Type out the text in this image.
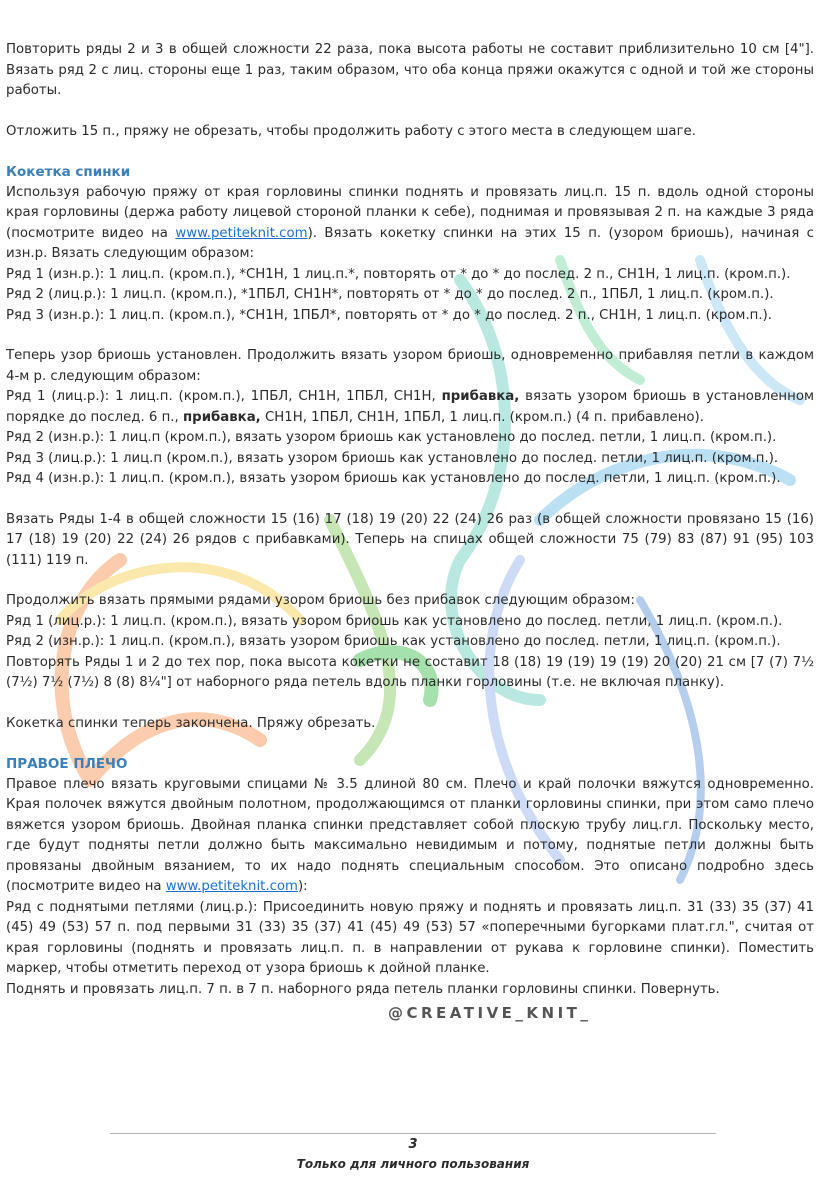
Повторить ряды 2 и 3 в общей сложности 22 раза, пока высота работы не составит приблизительно 10 см [4"]. Вязать ряд 2 с лиц. стороны еще 1 раз, таким образом, что оба конца пряжи окажутся с одной и той же стороны работы.

Отложить 15 п., пряжу не обрезать, чтобы продолжить работу с этого места в следующем шаге.

Кокетка спинки

Используя рабочую пряжу от края горловины спинки поднять и провязать лиц.п. 15 п. вдоль одной стороны края горловины (держа работу лицевой стороной планки к себе), поднимая и провязывая 2 п. на каждые 3 ряда (посмотрите видео на www.petiteknit.com). Вязать кокетку спинки на этих 15 п. (узором бриошь), начиная с изн.р. Вязать следующим образом:

Ряд 1 (изн.р.): 1 лиц.п. (кром.п.), *СН1Н, 1 лиц.п.*, повторять от * до * до послед. 2 п., СН1Н, 1 лиц.п. (кром.п.).

Ряд 2 (лиц.р.): 1 лиц.п. (кром.п.), *1ПБЛ, СН1Н*, повторять от * до * до послед. 2 п., 1ПБЛ, 1 лиц.п. (кром.п.).

Ряд 3 (изн.р.): 1 лиц.п. (кром.п.), *СН1Н, 1ПБЛ*, повторять от * до * до послед. 2 п., СН1Н, 1 лиц.п. (кром.п.).

Теперь узор бриошь установлен. Продолжить вязать узором бриошь, одновременно прибавляя петли в каждом 4-м р. следующим образом:

Ряд 1 (лиц.р.): 1 лиц.п. (кром.п.), 1ПБЛ, СН1Н, 1ПБЛ, СН1Н, прибавка, вязать узором бриошь в установленном порядке до послед. 6 п., прибавка, СН1Н, 1ПБЛ, СН1Н, 1ПБЛ, 1 лиц.п. (кром.п.) (4 п. прибавлено).

Ряд 2 (изн.р.): 1 лиц.п (кром.п.), вязать узором бриошь как установлено до послед. петли, 1 лиц.п. (кром.п.).

Ряд 3 (лиц.р.): 1 лиц.п (кром.п.), вязать узором бриошь как установлено до послед. петли, 1 лиц.п. (кром.п.).

Ряд 4 (изн.р.): 1 лиц.п. (кром.п.), вязать узором бриошь как установлено до послед. петли, 1 лиц.п. (кром.п.).

Вязать Ряды 1-4 в общей сложности 15 (16) 17 (18) 19 (20) 22 (24) 26 раз (в общей сложности провязано 15 (16) 17 (18) 19 (20) 22 (24) 26 рядов с прибавками). Теперь на спицах общей сложности 75 (79) 83 (87) 91 (95) 103 (111) 119 п.

Продолжить вязать прямыми рядами узором бриошь без прибавок следующим образом:

Ряд 1 (лиц.р.): 1 лиц.п. (кром.п.), вязать узором бриошь как установлено до послед. петли, 1 лиц.п. (кром.п.).

Ряд 2 (изн.р.): 1 лиц.п. (кром.п.), вязать узором бриошь как установлено до послед. петли, 1 лиц.п. (кром.п.).

Повторять Ряды 1 и 2 до тех пор, пока высота кокетки не составит 18 (18) 19 (19) 19 (19) 20 (20) 21 см [7 (7) 7½ (7½) 7½ (7½) 8 (8) 8¼"] от наборного ряда петель вдоль планки горловины (т.е. не включая планку).

Кокетка спинки теперь закончена. Пряжу обрезать.

ПРАВОЕ ПЛЕЧО

Правое плечо вязать круговыми спицами № 3.5 длиной 80 см. Плечо и край полочки вяжутся одновременно. Края полочек вяжутся двойным полотном, продолжающимся от планки горловины спинки, при этом само плечо вяжется узором бриошь. Двойная планка спинки представляет собой плоскую трубу лиц.гл. Поскольку место, где будут подняты петли должно быть максимально невидимым и потому, поднятые петли должны быть провязаны двойным вязанием, то их надо поднять специальным способом. Это описано подробно здесь (посмотрите видео на www.petiteknit.com):

Ряд с поднятыми петлями (лиц.р.): Присоединить новую пряжу и поднять и провязать лиц.п. 31 (33) 35 (37) 41 (45) 49 (53) 57 п. под первыми 31 (33) 35 (37) 41 (45) 49 (53) 57 «поперечными бугорками плат.гл.", считая от края горловины (поднять и провязать лиц.п. п. в направлении от рукава к горловине спинки). Поместить маркер, чтобы отметить переход от узора бриошь к дойной планке.

Поднять и провязать лиц.п. 7 п. в 7 п. наборного ряда петель планки горловины спинки. Повернуть.

@CREATIVE_KNIT_
3
Только для личного пользования
